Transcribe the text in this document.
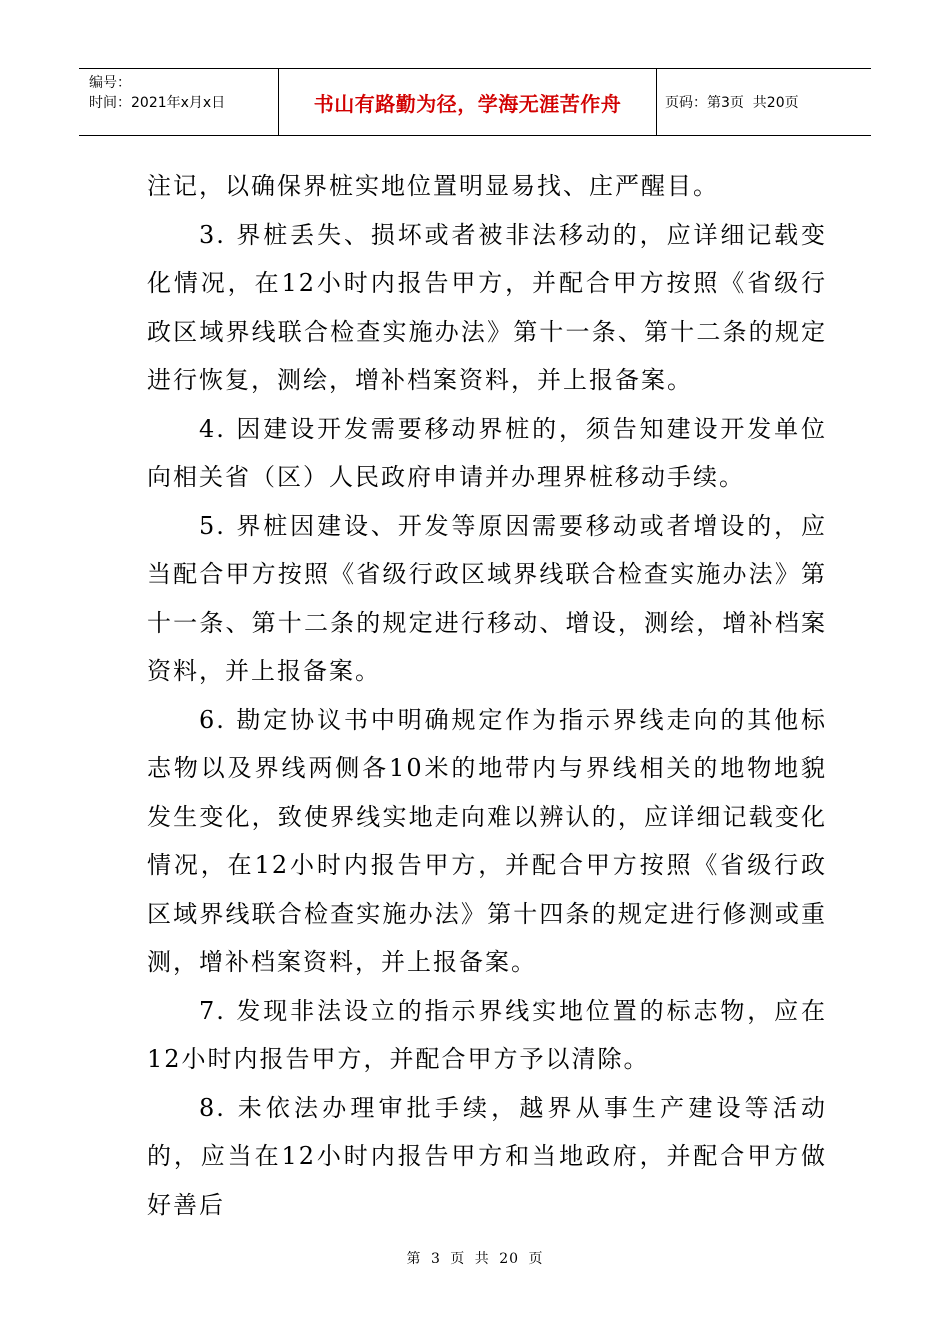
编号：
时间：2021年x月x日	书山有路勤为径，学海无涯苦作舟	页码：第3页  共20页

注记，以确保界桩实地位置明显易找、庄严醒目。

3. 界桩丢失、损坏或者被非法移动的，应详细记载变化情况，在12小时内报告甲方，并配合甲方按照《省级行政区域界线联合检查实施办法》第十一条、第十二条的规定进行恢复，测绘，增补档案资料，并上报备案。

4. 因建设开发需要移动界桩的，须告知建设开发单位向相关省（区）人民政府申请并办理界桩移动手续。

5. 界桩因建设、开发等原因需要移动或者增设的，应当配合甲方按照《省级行政区域界线联合检查实施办法》第十一条、第十二条的规定进行移动、增设，测绘，增补档案资料，并上报备案。

6. 勘定协议书中明确规定作为指示界线走向的其他标志物以及界线两侧各10米的地带内与界线相关的地物地貌发生变化，致使界线实地走向难以辨认的，应详细记载变化情况，在12小时内报告甲方，并配合甲方按照《省级行政区域界线联合检查实施办法》第十四条的规定进行修测或重测，增补档案资料，并上报备案。

7. 发现非法设立的指示界线实地位置的标志物，应在12小时内报告甲方，并配合甲方予以清除。

8. 未依法办理审批手续，越界从事生产建设等活动的，应当在12小时内报告甲方和当地政府，并配合甲方做好善后

第 3 页 共 20 页
